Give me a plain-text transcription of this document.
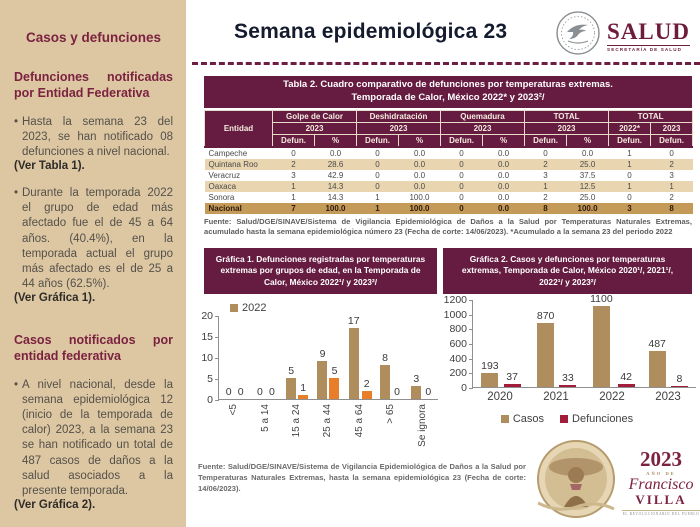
Casos y defunciones
Defunciones notificadas por Entidad Federativa
• Hasta la semana 23 del 2023, se han notificado 08 defunciones a nivel nacional.
(Ver Tabla 1).
• Durante la temporada 2022 el grupo de edad más afectado fue el de 45 a 64 años. (40.4%), en la temporada actual el grupo más afectado es el de 25 a 44 años (62.5%).
(Ver Gráfica 1).
Casos notificados por entidad federativa
• A nivel nacional, desde la semana epidemiológica 12 (inicio de la temporada de calor) 2023, a la semana 23 se han notificado un total de 487 casos de daños a la salud asociados a la presente temporada.
(Ver Gráfica 2).
Semana epidemiológica 23	SALUD
SECRETARÍA DE SALUD
Tabla 2. Cuadro comparativo de defunciones por temperaturas extremas.
Temporada de Calor, México 2022* y 2023²/
Entidad	Golpe de Calor		Deshidratación		Quemadura		TOTAL		TOTAL	
	2023		2023		2023		2023		2022*	2023
	Defun.	%	Defun.	%	Defun.	%	Defun.	%	Defun.	Defun.
Campeche	0	0.0	0	0.0	0	0.0	0	0.0	1	0
Quintana Roo	2	28.6	0	0.0	0	0.0	2	25.0	1	2
Veracruz	3	42.9	0	0.0	0	0.0	3	37.5	0	3
Oaxaca	1	14.3	0	0.0	0	0.0	1	12.5	1	1
Sonora	1	14.3	1	100.0	0	0.0	2	25.0	0	2
Nacional	7	100.0	1	100.0	0	0.0	8	100.0	3	8
Fuente: Salud/DGE/SINAVE/Sistema de Vigilancia Epidemiológica de Daños a la Salud por Temperaturas Naturales Extremas, acumulado hasta la semana epidemiológica número 23 (Fecha de corte: 14/06/2023). *Acumulado a la semana 23 del periodo 2022
Gráfica 1. Defunciones registradas por temperaturas extremas por grupos de edad, en la Temporada de Calor, México 2022¹/ y 2023²/
Gráfica 2. Casos y defunciones por temperaturas extremas, Temporada de Calor, México 2020¹/, 2021¹/, 2022¹/ y 2023²/
2022
0
5
10
15
20
0 0 0 0
5
1
9
5
17
2
8
0
3
0
<5 5 a 14 15 a 24 25 a 44 45 a 64 > 65 Se ignora
0
200
400
600
800
1000
1200
193
37
870
33
1100
42
487
8
2020	2021	2022	2023
Casos	Defunciones
Fuente: Salud/DGE/SINAVE/Sistema de Vigilancia Epidemiológica de Daños a la Salud por Temperaturas Naturales Extremas, hasta la semana epidemiológica 23 (Fecha de corte: 14/06/2023).
2023
AÑO DE
Francisco
VILLA
EL REVOLUCIONARIO DEL PUEBLO
